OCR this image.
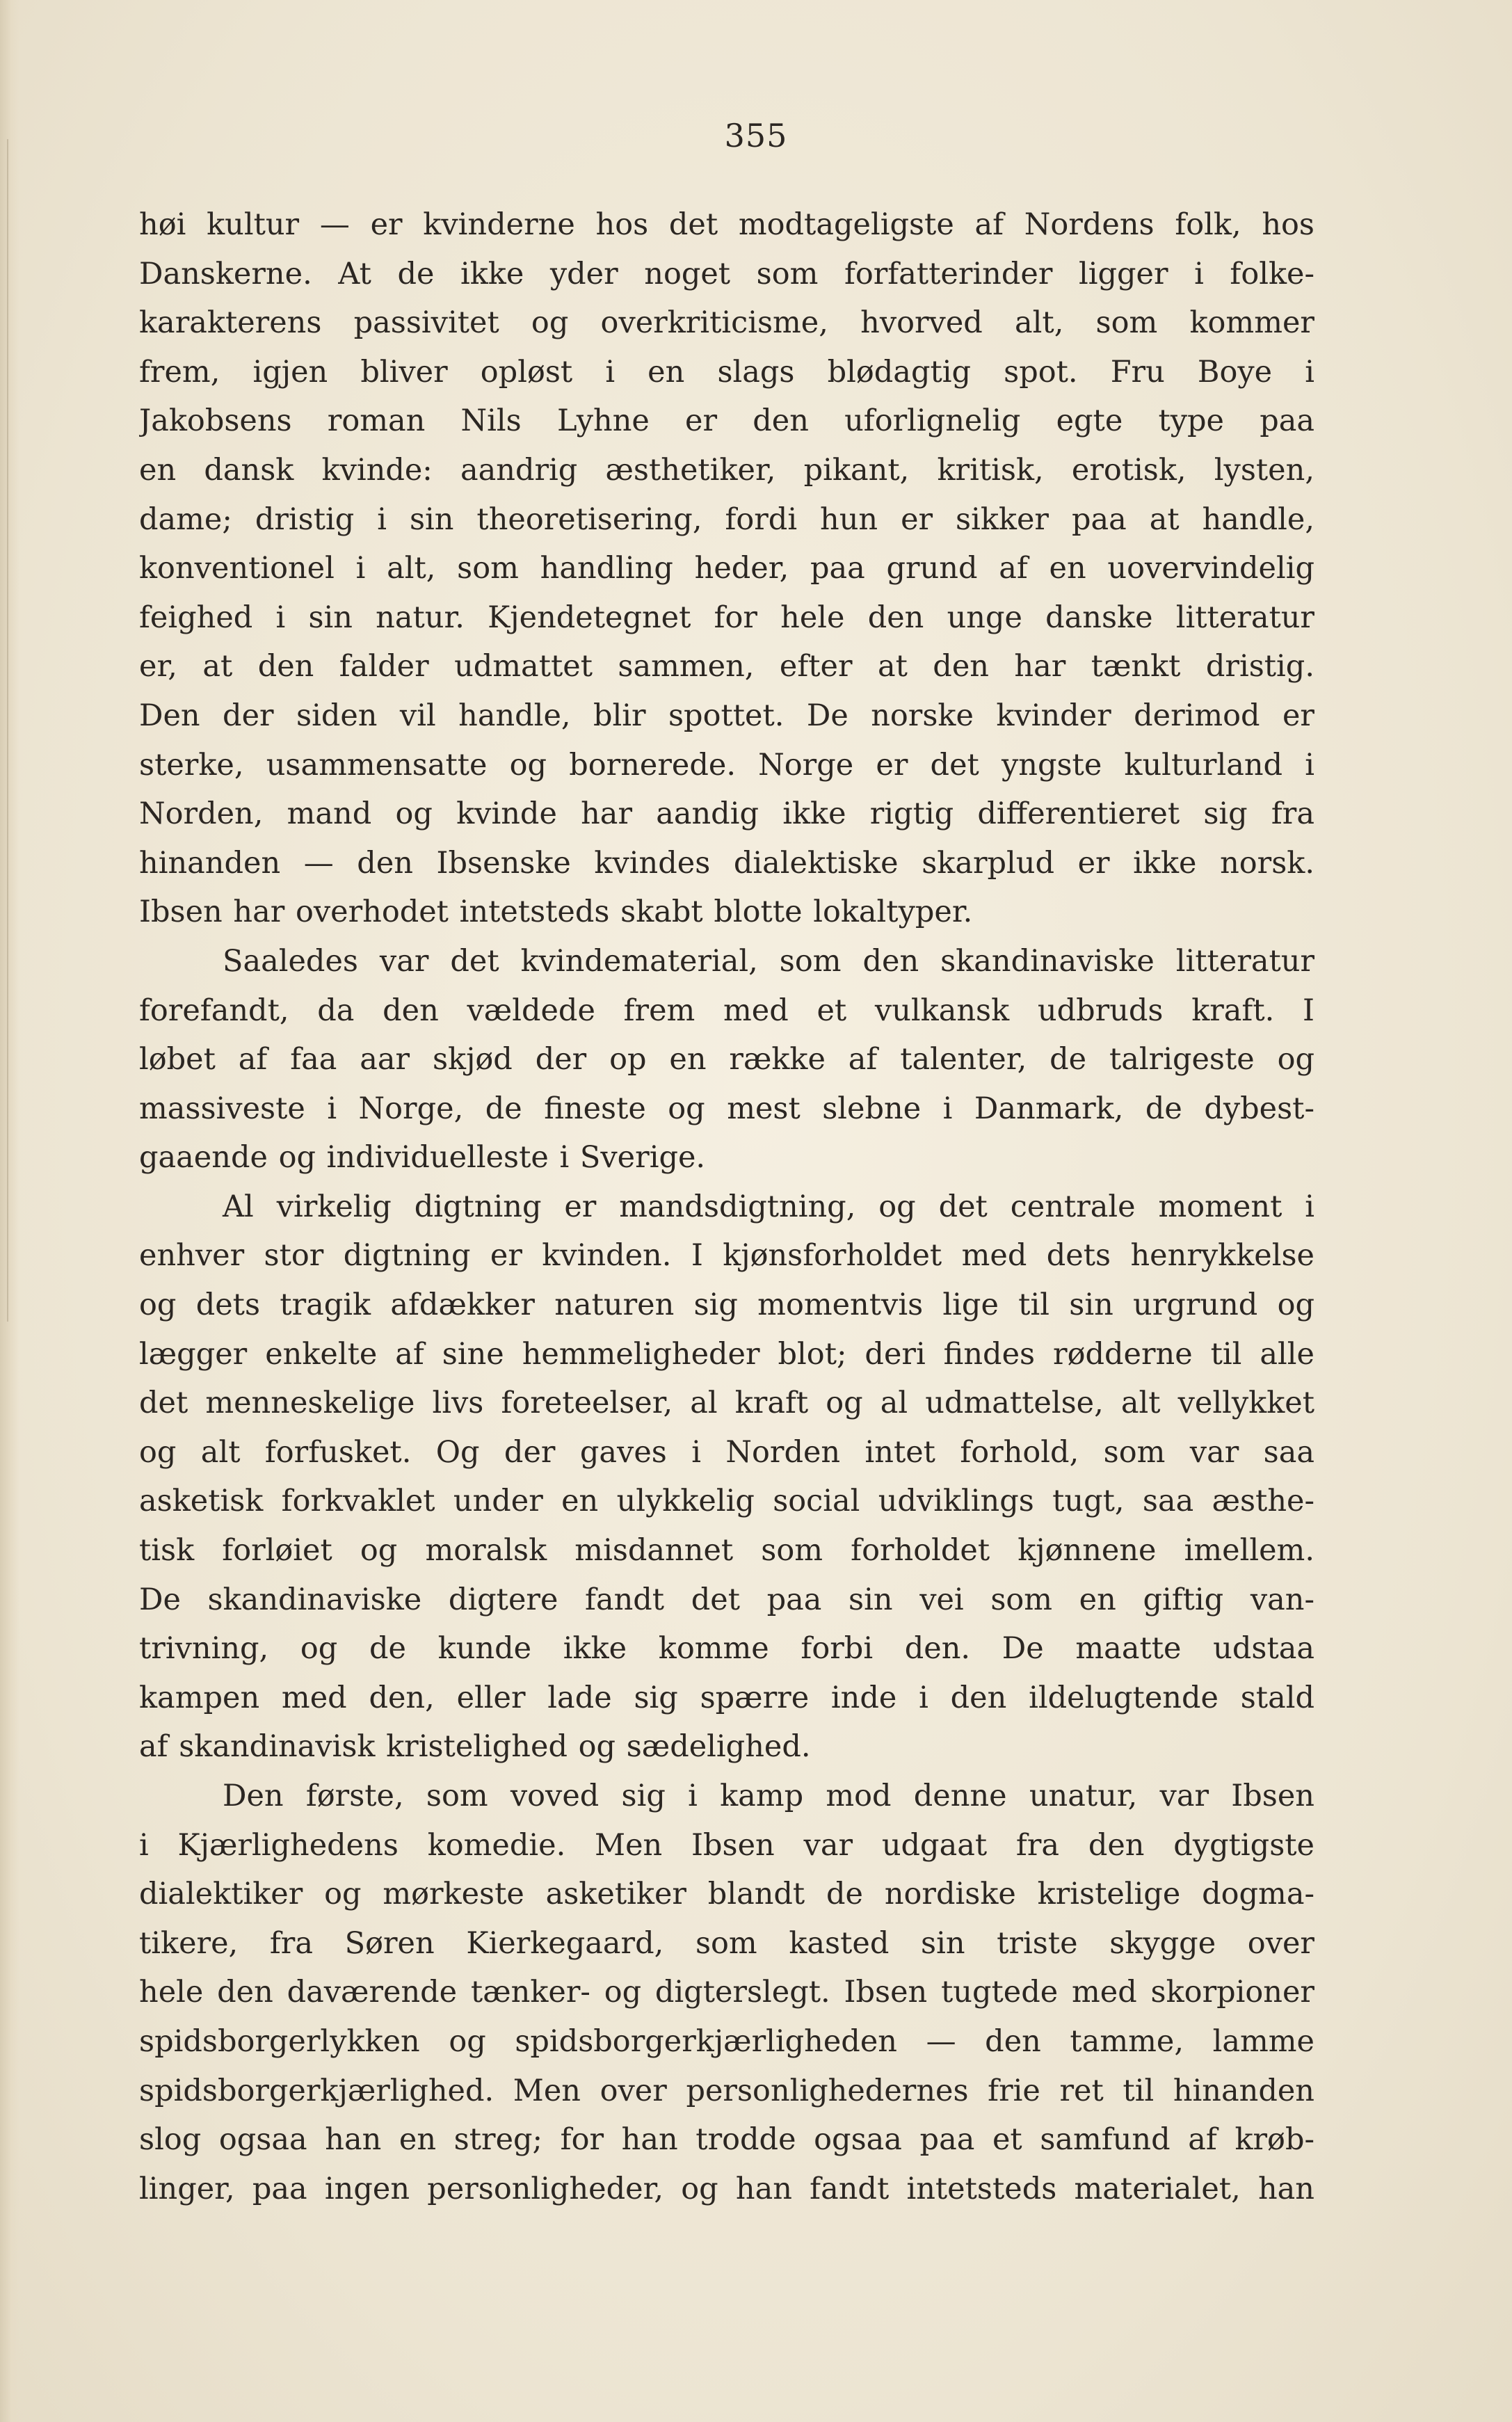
355
høi kultur — er kvinderne hos det modtageligste af Nordens folk, hos
Danskerne. At de ikke yder noget som forfatterinder ligger i folke-
karakterens passivitet og overkriticisme, hvorved alt, som kommer
frem, igjen bliver opløst i en slags blødagtig spot. Fru Boye i
Jakobsens roman Nils Lyhne er den uforlignelig egte type paa
en dansk kvinde: aandrig æsthetiker, pikant, kritisk, erotisk, lysten,
dame; dristig i sin theoretisering, fordi hun er sikker paa at handle,
konventionel i alt, som handling heder, paa grund af en uovervindelig
feighed i sin natur. Kjendetegnet for hele den unge danske litteratur
er, at den falder udmattet sammen, efter at den har tænkt dristig.
Den der siden vil handle, blir spottet. De norske kvinder derimod er
sterke, usammensatte og bornerede. Norge er det yngste kulturland i
Norden, mand og kvinde har aandig ikke rigtig differentieret sig fra
hinanden — den Ibsenske kvindes dialektiske skarplud er ikke norsk.
Ibsen har overhodet intetsteds skabt blotte lokaltyper.
Saaledes var det kvindematerial, som den skandinaviske litteratur
forefandt, da den vældede frem med et vulkansk udbruds kraft. I
løbet af faa aar skjød der op en række af talenter, de talrigeste og
massiveste i Norge, de fineste og mest slebne i Danmark, de dybest-
gaaende og individuelleste i Sverige.
Al virkelig digtning er mandsdigtning, og det centrale moment i
enhver stor digtning er kvinden. I kjønsforholdet med dets henrykkelse
og dets tragik afdækker naturen sig momentvis lige til sin urgrund og
lægger enkelte af sine hemmeligheder blot; deri findes rødderne til alle
det menneskelige livs foreteelser, al kraft og al udmattelse, alt vellykket
og alt forfusket. Og der gaves i Norden intet forhold, som var saa
asketisk forkvaklet under en ulykkelig social udviklings tugt, saa æsthe-
tisk forløiet og moralsk misdannet som forholdet kjønnene imellem.
De skandinaviske digtere fandt det paa sin vei som en giftig van-
trivning, og de kunde ikke komme forbi den. De maatte udstaa
kampen med den, eller lade sig spærre inde i den ildelugtende stald
af skandinavisk kristelighed og sædelighed.
Den første, som voved sig i kamp mod denne unatur, var Ibsen
i Kjærlighedens komedie. Men Ibsen var udgaat fra den dygtigste
dialektiker og mørkeste asketiker blandt de nordiske kristelige dogma-
tikere, fra Søren Kierkegaard, som kasted sin triste skygge over
hele den daværende tænker- og digterslegt. Ibsen tugtede med skorpioner
spidsborgerlykken og spidsborgerkjærligheden — den tamme, lamme
spidsborgerkjærlighed. Men over personlighedernes frie ret til hinanden
slog ogsaa han en streg; for han trodde ogsaa paa et samfund af krøb-
linger, paa ingen personligheder, og han fandt intetsteds materialet, han
